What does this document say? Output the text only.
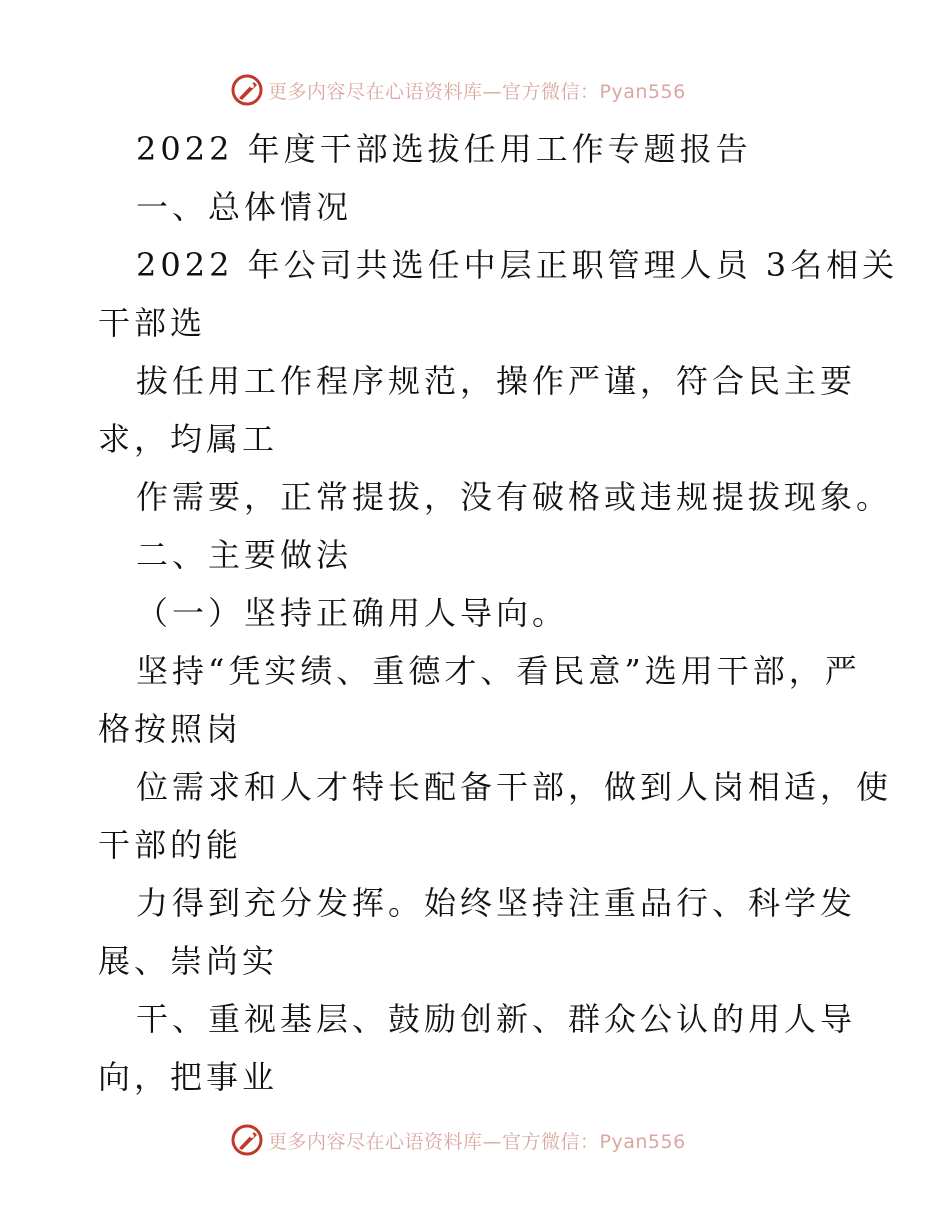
更多内容尽在心语资料库—官方微信：Pyan556
2022 年度干部选拔任用工作专题报告
一、总体情况
2022 年公司共选任中层正职管理人员 3名相关
干部选
拔任用工作程序规范，操作严谨，符合民主要
求，均属工
作需要，正常提拔，没有破格或违规提拔现象。
二、主要做法
（一）坚持正确用人导向。
坚持“凭实绩、重德才、看民意”选用干部，严
格按照岗
位需求和人才特长配备干部，做到人岗相适，使
干部的能
力得到充分发挥。始终坚持注重品行、科学发
展、崇尚实
干、重视基层、鼓励创新、群众公认的用人导
向，把事业
更多内容尽在心语资料库—官方微信：Pyan556
